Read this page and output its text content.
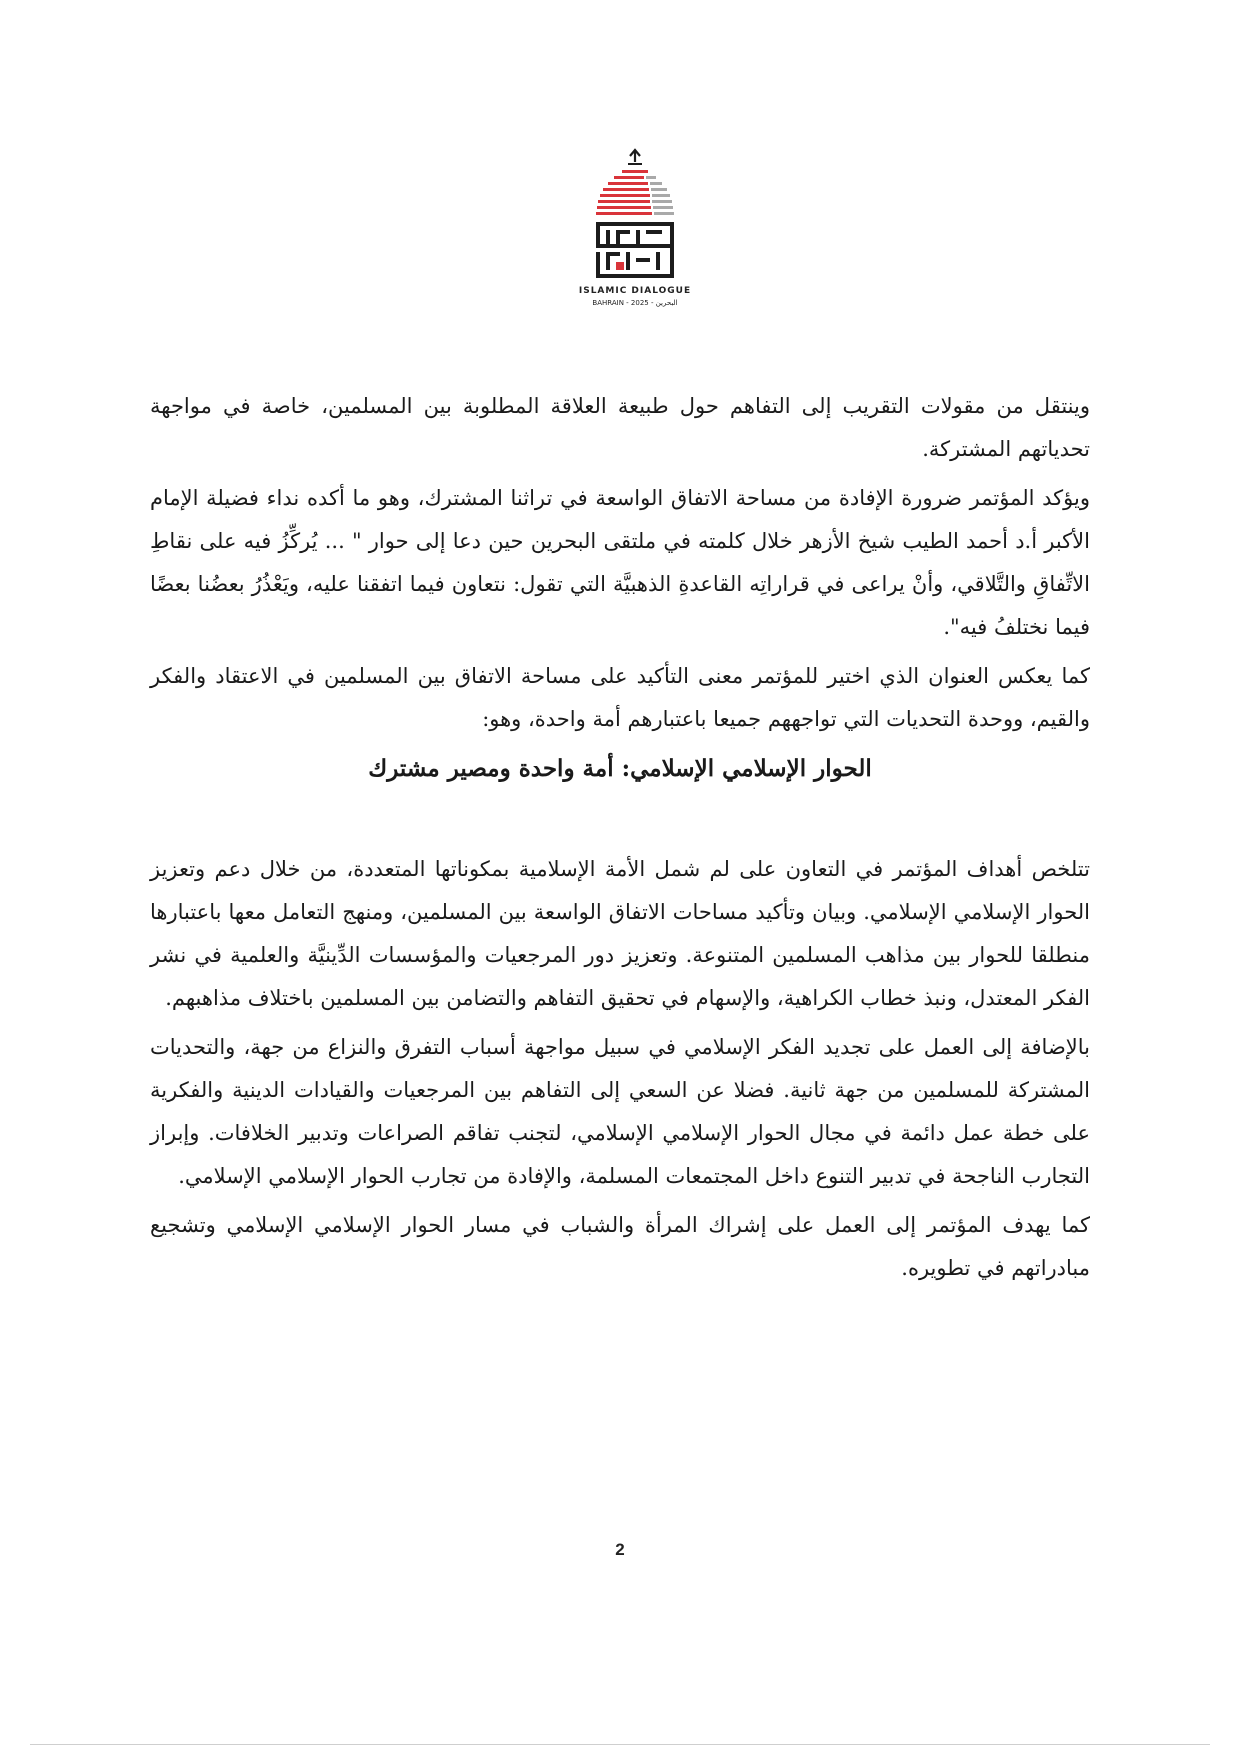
ISLAMIC DIALOGUE
BAHRAIN - 2025 - البحرين

وينتقل من مقولات التقريب إلى التفاهم حول طبيعة العلاقة المطلوبة بين المسلمين، خاصة في مواجهة تحدياتهم المشتركة.

ويؤكد المؤتمر ضرورة الإفادة من مساحة الاتفاق الواسعة في تراثنا المشترك، وهو ما أكده نداء فضيلة الإمام الأكبر أ.د أحمد الطيب شيخ الأزهر خلال كلمته في ملتقى البحرين حين دعا إلى حوار " ... يُركِّزُ فيه على نقاطِ الاتِّفاقِ والتَّلاقي، وأنْ يراعى في قراراتِه القاعدةِ الذهبيَّة التي تقول: نتعاون فيما اتفقنا عليه، ويَعْذُرُ بعضُنا بعضًا فيما نختلفُ فيه".

كما يعكس العنوان الذي اختير للمؤتمر معنى التأكيد على مساحة الاتفاق بين المسلمين في الاعتقاد والفكر والقيم، ووحدة التحديات التي تواجههم جميعا باعتبارهم أمة واحدة، وهو:

الحوار الإسلامي الإسلامي: أمة واحدة ومصير مشترك

تتلخص أهداف المؤتمر في التعاون على لم شمل الأمة الإسلامية بمكوناتها المتعددة، من خلال دعم وتعزيز الحوار الإسلامي الإسلامي. وبيان وتأكيد مساحات الاتفاق الواسعة بين المسلمين، ومنهج التعامل معها باعتبارها منطلقا للحوار بين مذاهب المسلمين المتنوعة. وتعزيز دور المرجعيات والمؤسسات الدِّينيَّة والعلمية في نشر الفكر المعتدل، ونبذ خطاب الكراهية، والإسهام في تحقيق التفاهم والتضامن بين المسلمين باختلاف مذاهبهم.

بالإضافة إلى العمل على تجديد الفكر الإسلامي في سبيل مواجهة أسباب التفرق والنزاع من جهة، والتحديات المشتركة للمسلمين من جهة ثانية. فضلا عن السعي إلى التفاهم بين المرجعيات والقيادات الدينية والفكرية على خطة عمل دائمة في مجال الحوار الإسلامي الإسلامي، لتجنب تفاقم الصراعات وتدبير الخلافات. وإبراز التجارب الناجحة في تدبير التنوع داخل المجتمعات المسلمة، والإفادة من تجارب الحوار الإسلامي الإسلامي.

كما يهدف المؤتمر إلى العمل على إشراك المرأة والشباب في مسار الحوار الإسلامي الإسلامي وتشجيع مبادراتهم في تطويره.

2
